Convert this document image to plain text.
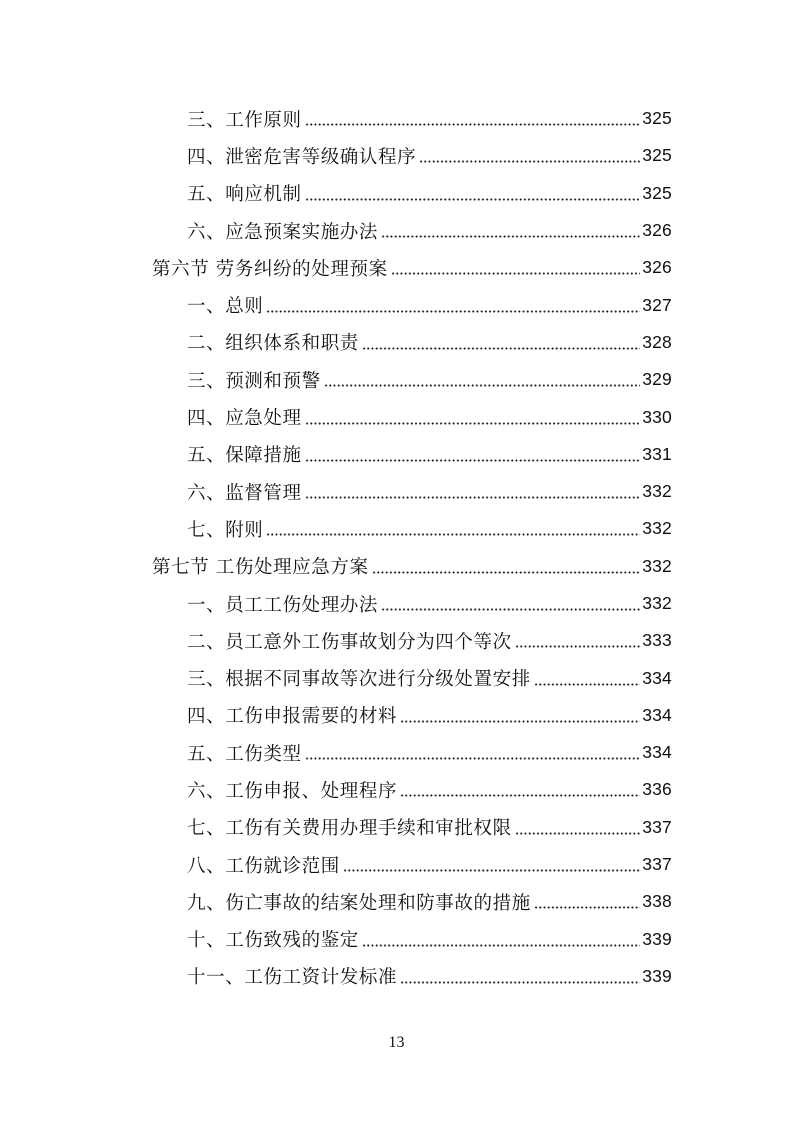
三、工作原则	325
四、泄密危害等级确认程序	325
五、响应机制	325
六、应急预案实施办法	326
第六节 劳务纠纷的处理预案	326
一、总则	327
二、组织体系和职责	328
三、预测和预警	329
四、应急处理	330
五、保障措施	331
六、监督管理	332
七、附则	332
第七节 工伤处理应急方案	332
一、员工工伤处理办法	332
二、员工意外工伤事故划分为四个等次	333
三、根据不同事故等次进行分级处置安排	334
四、工伤申报需要的材料	334
五、工伤类型	334
六、工伤申报、处理程序	336
七、工伤有关费用办理手续和审批权限	337
八、工伤就诊范围	337
九、伤亡事故的结案处理和防事故的措施	338
十、工伤致残的鉴定	339
十一、工伤工资计发标准	339
13
